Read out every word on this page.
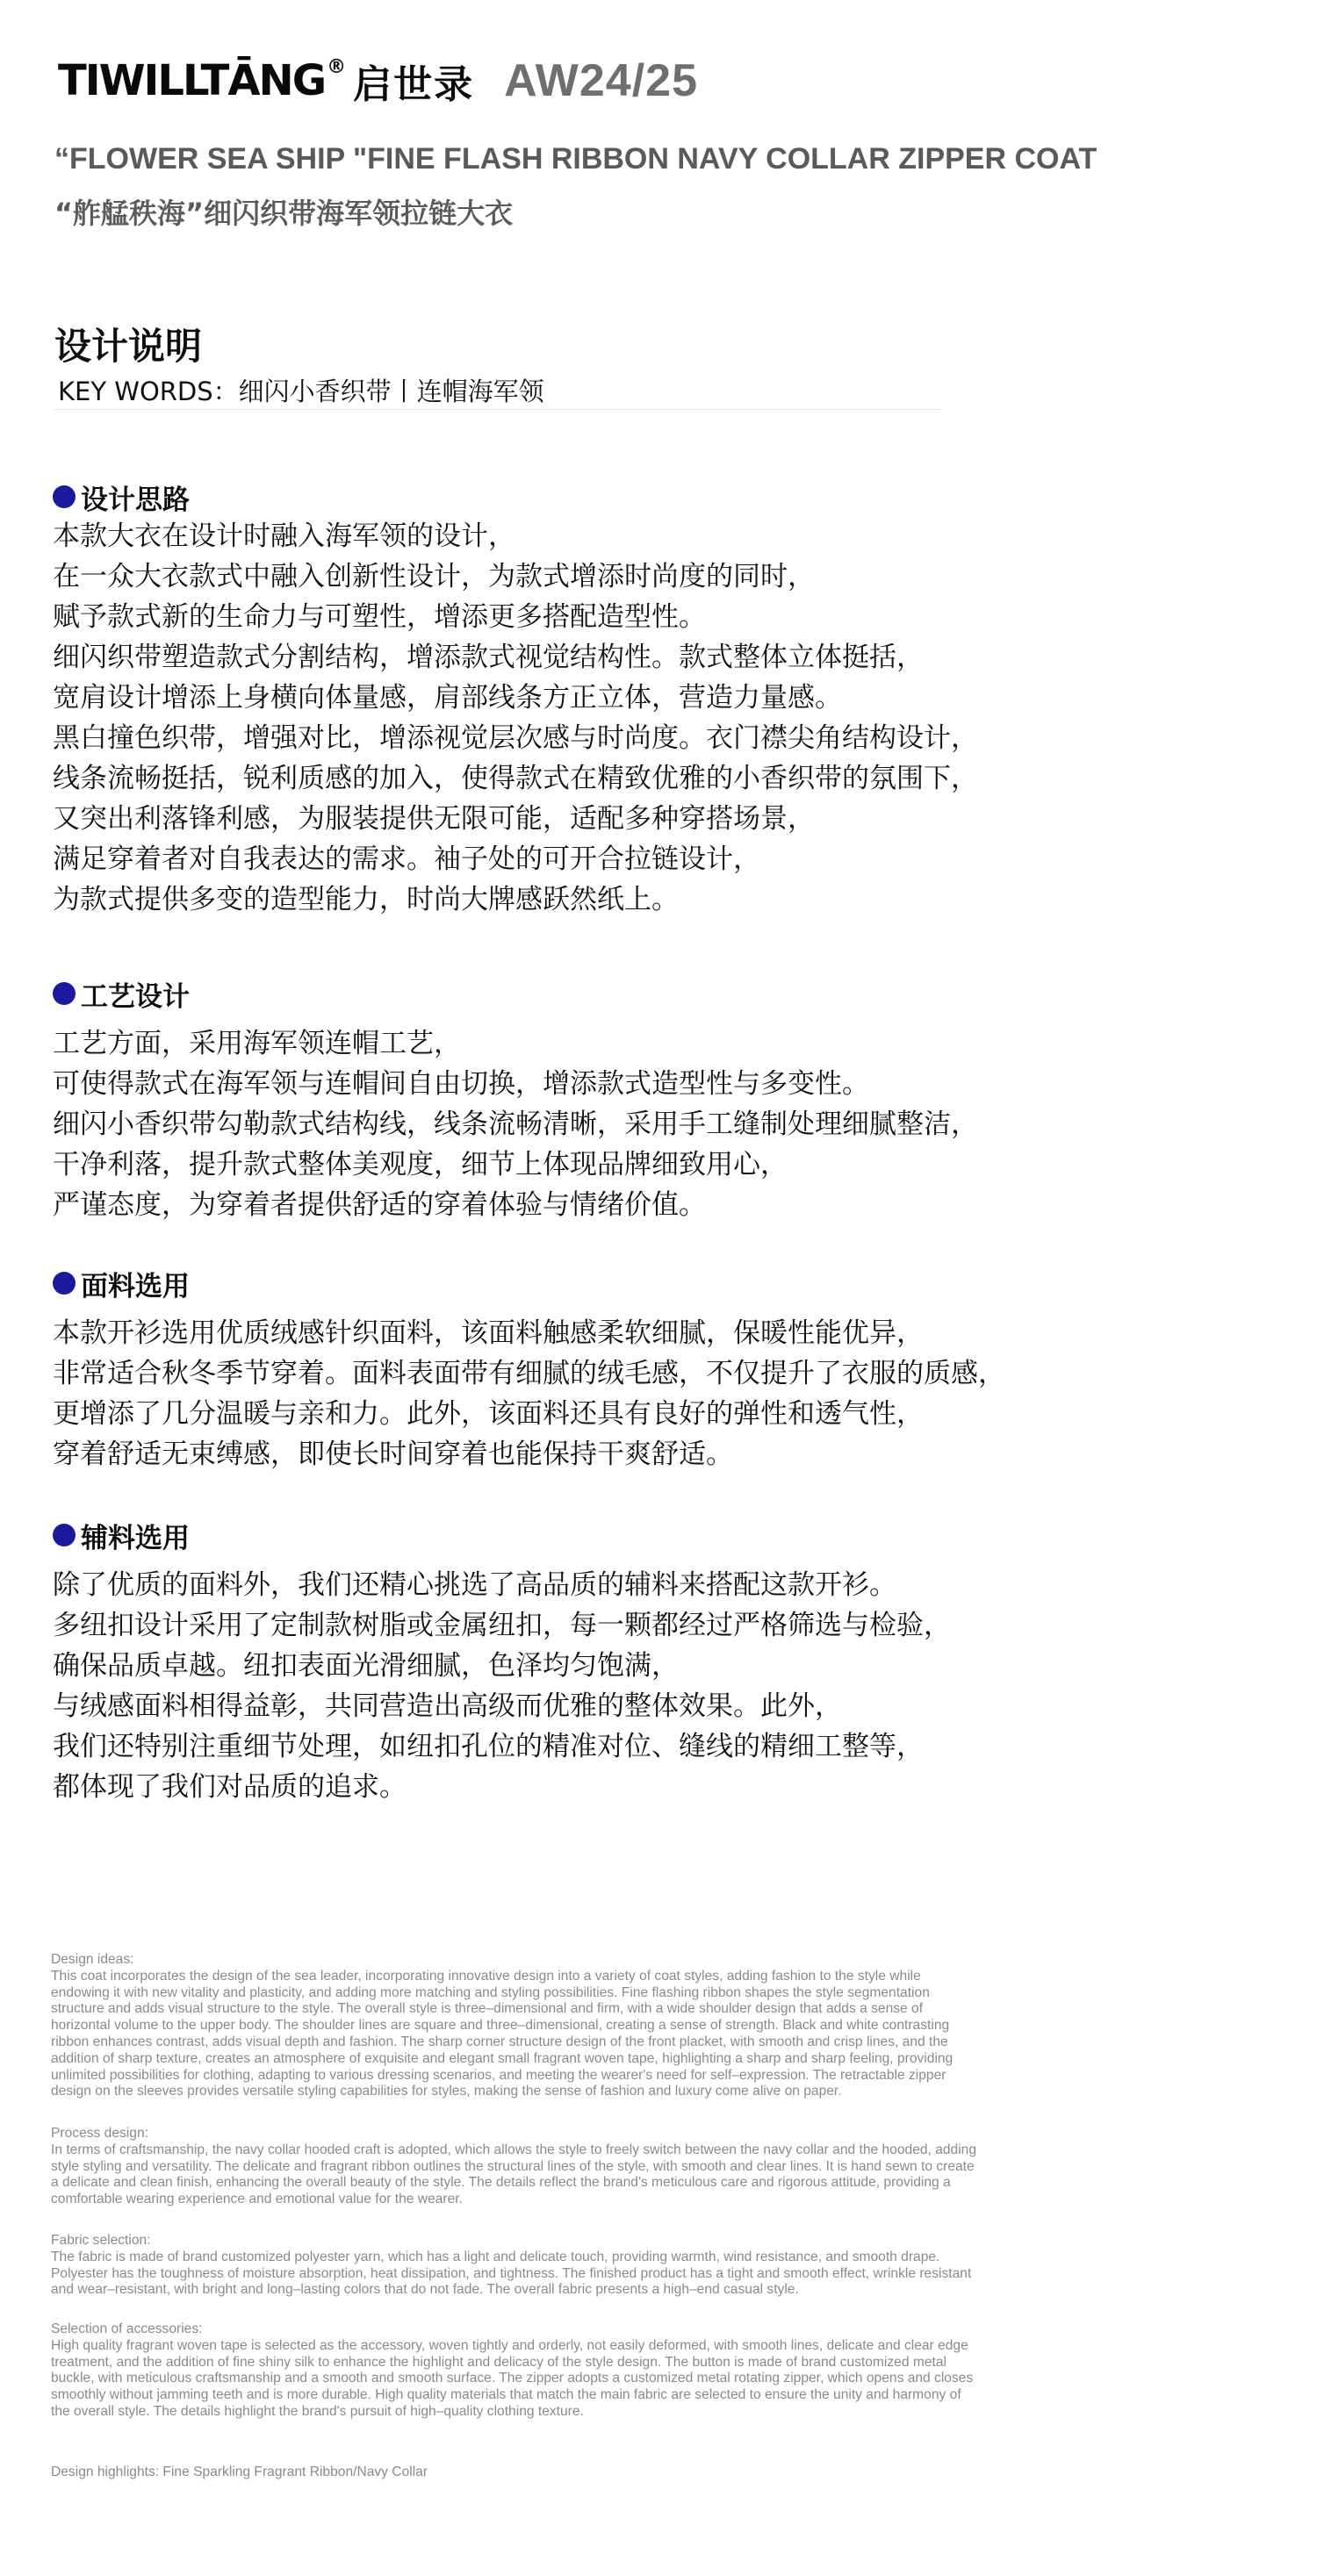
TIWILLTĀNG ® 启世录 AW24/25
“FLOWER SEA SHIP "FINE FLASH RIBBON NAVY COLLAR ZIPPER COAT
“舴艋秩海”细闪织带海军领拉链大衣
设计说明
KEY WORDS：细闪小香织带丨连帽海军领
设计思路
本款大衣在设计时融入海军领的设计，
在一众大衣款式中融入创新性设计，为款式增添时尚度的同时，
赋予款式新的生命力与可塑性，增添更多搭配造型性。
细闪织带塑造款式分割结构，增添款式视觉结构性。款式整体立体挺括，
宽肩设计增添上身横向体量感，肩部线条方正立体，营造力量感。
黑白撞色织带，增强对比，增添视觉层次感与时尚度。衣门襟尖角结构设计，
线条流畅挺括，锐利质感的加入，使得款式在精致优雅的小香织带的氛围下，
又突出利落锋利感，为服装提供无限可能，适配多种穿搭场景，
满足穿着者对自我表达的需求。袖子处的可开合拉链设计，
为款式提供多变的造型能力，时尚大牌感跃然纸上。
工艺设计
工艺方面，采用海军领连帽工艺，
可使得款式在海军领与连帽间自由切换，增添款式造型性与多变性。
细闪小香织带勾勒款式结构线，线条流畅清晰，采用手工缝制处理细腻整洁，
干净利落，提升款式整体美观度，细节上体现品牌细致用心，
严谨态度，为穿着者提供舒适的穿着体验与情绪价值。
面料选用
本款开衫选用优质绒感针织面料，该面料触感柔软细腻，保暖性能优异，
非常适合秋冬季节穿着。面料表面带有细腻的绒毛感，不仅提升了衣服的质感，
更增添了几分温暖与亲和力。此外，该面料还具有良好的弹性和透气性，
穿着舒适无束缚感，即使长时间穿着也能保持干爽舒适。
辅料选用
除了优质的面料外，我们还精心挑选了高品质的辅料来搭配这款开衫。
多纽扣设计采用了定制款树脂或金属纽扣，每一颗都经过严格筛选与检验，
确保品质卓越。纽扣表面光滑细腻，色泽均匀饱满，
与绒感面料相得益彰，共同营造出高级而优雅的整体效果。此外，
我们还特别注重细节处理，如纽扣孔位的精准对位、缝线的精细工整等，
都体现了我们对品质的追求。

Design ideas:

This coat incorporates the design of the sea leader, incorporating innovative design into a variety of coat styles, adding fashion to the style while

endowing it with new vitality and plasticity, and adding more matching and styling possibilities. Fine flashing ribbon shapes the style segmentation

structure and adds visual structure to the style. The overall style is three–dimensional and firm, with a wide shoulder design that adds a sense of

horizontal volume to the upper body. The shoulder lines are square and three–dimensional, creating a sense of strength. Black and white contrasting

ribbon enhances contrast, adds visual depth and fashion. The sharp corner structure design of the front placket, with smooth and crisp lines, and the

addition of sharp texture, creates an atmosphere of exquisite and elegant small fragrant woven tape, highlighting a sharp and sharp feeling, providing

unlimited possibilities for clothing, adapting to various dressing scenarios, and meeting the wearer's need for self–expression. The retractable zipper

design on the sleeves provides versatile styling capabilities for styles, making the sense of fashion and luxury come alive on paper.

Process design:

In terms of craftsmanship, the navy collar hooded craft is adopted, which allows the style to freely switch between the navy collar and the hooded, adding

style styling and versatility. The delicate and fragrant ribbon outlines the structural lines of the style, with smooth and clear lines. It is hand sewn to create

a delicate and clean finish, enhancing the overall beauty of the style. The details reflect the brand's meticulous care and rigorous attitude, providing a

comfortable wearing experience and emotional value for the wearer.

Fabric selection:

The fabric is made of brand customized polyester yarn, which has a light and delicate touch, providing warmth, wind resistance, and smooth drape.

Polyester has the toughness of moisture absorption, heat dissipation, and tightness. The finished product has a tight and smooth effect, wrinkle resistant

and wear–resistant, with bright and long–lasting colors that do not fade. The overall fabric presents a high–end casual style.

Selection of accessories:

High quality fragrant woven tape is selected as the accessory, woven tightly and orderly, not easily deformed, with smooth lines, delicate and clear edge

treatment, and the addition of fine shiny silk to enhance the highlight and delicacy of the style design. The button is made of brand customized metal

buckle, with meticulous craftsmanship and a smooth and smooth surface. The zipper adopts a customized metal rotating zipper, which opens and closes

smoothly without jamming teeth and is more durable. High quality materials that match the main fabric are selected to ensure the unity and harmony of

the overall style. The details highlight the brand's pursuit of high–quality clothing texture.

Design highlights: Fine Sparkling Fragrant Ribbon/Navy Collar
